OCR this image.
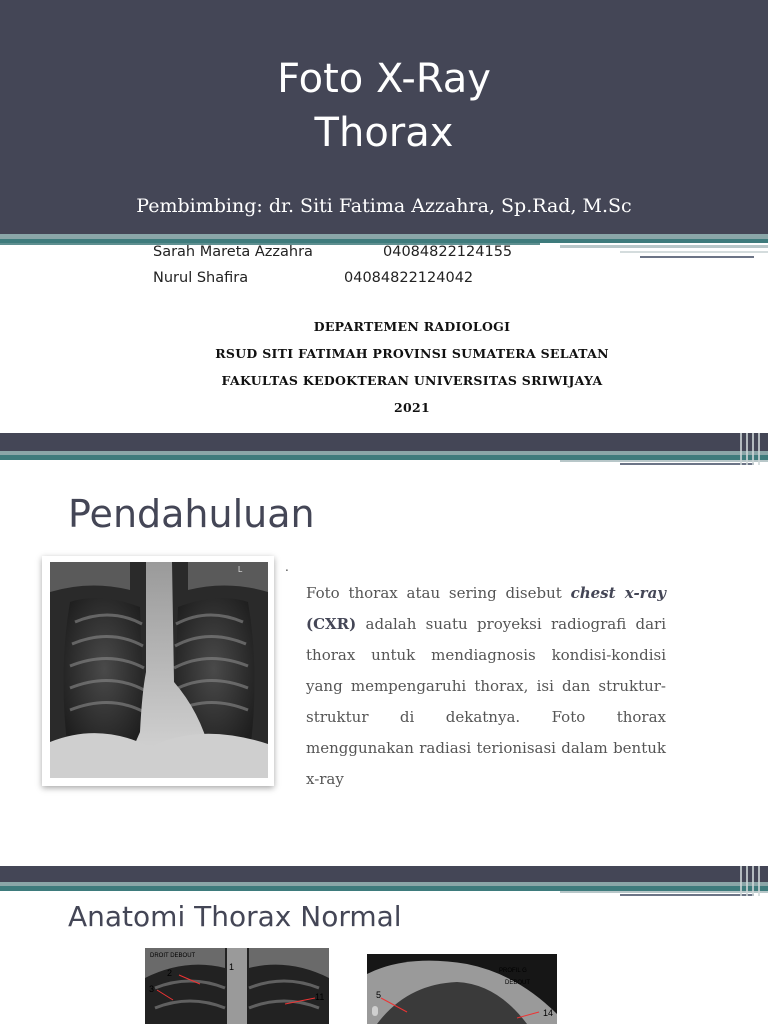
Foto X-Ray
Thorax
Pembimbing: dr. Siti Fatima Azzahra, Sp.Rad, M.Sc
Sarah Mareta Azzahra	04084822124155
Nurul Shafira	04084822124042
DEPARTEMEN RADIOLOGI
RSUD SITI FATIMAH PROVINSI SUMATERA SELATAN
FAKULTAS KEDOKTERAN UNIVERSITAS SRIWIJAYA
2021
Pendahuluan
L	.
Foto thorax atau sering disebut chest x-ray (CXR) adalah suatu proyeksi radiografi dari thorax untuk mendiagnosis kondisi-kondisi yang mempengaruhi thorax, isi dan struktur-struktur di dekatnya. Foto thorax menggunakan radiasi terionisasi dalam bentuk x-ray
Anatomi Thorax Normal
DROIT DEBOUT
1
2
3
11
PROFIL G
DEBOUT
5
14
